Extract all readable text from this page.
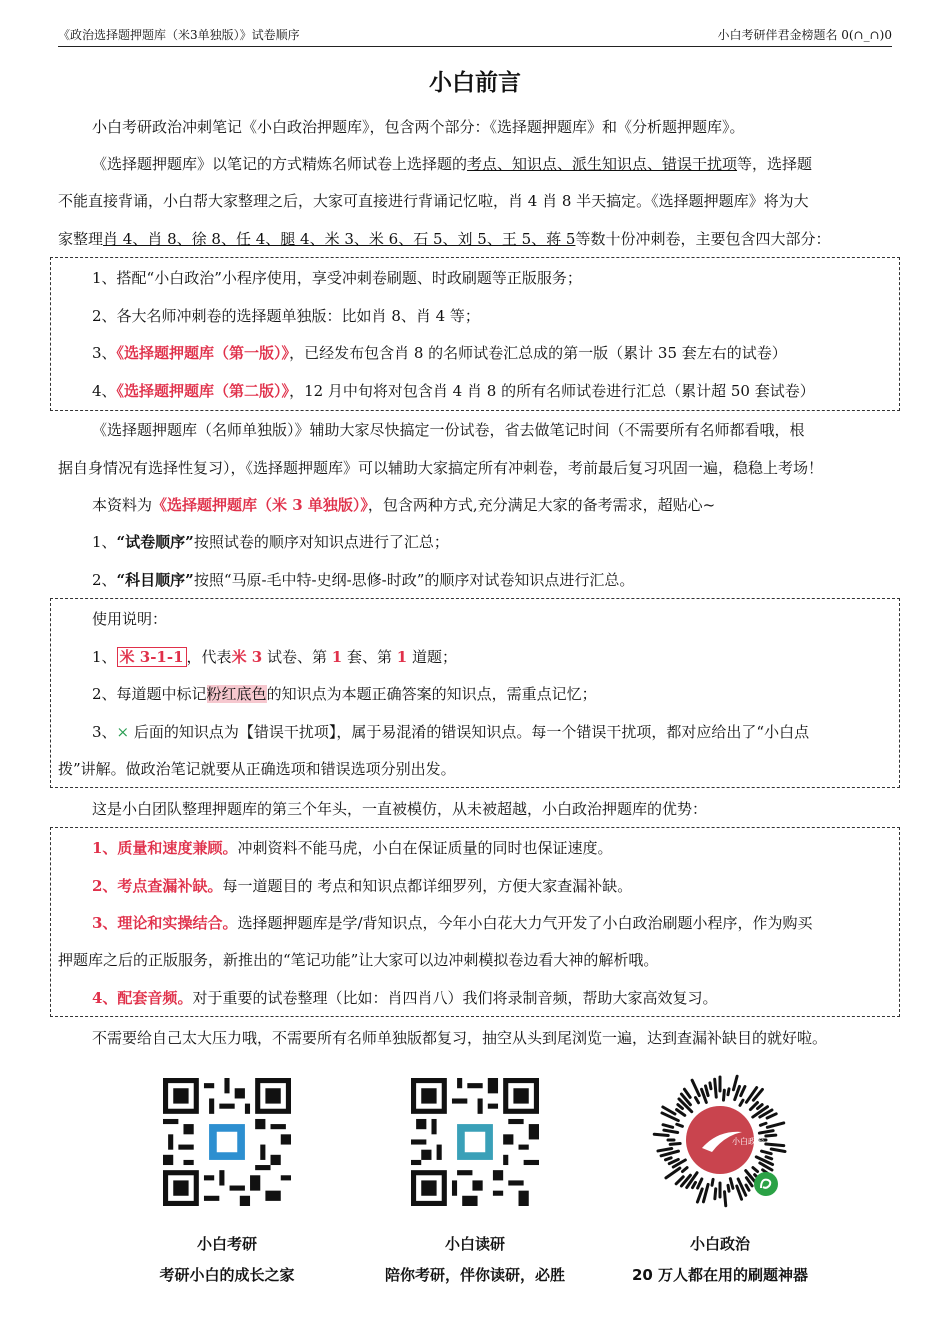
《政治选择题押题库（米3单独版）》试卷顺序	小白考研伴君金榜题名 0(∩_∩)0
小白前言
小白考研政治冲刺笔记《小白政治押题库》，包含两个部分：《选择题押题库》和《分析题押题库》。
《选择题押题库》以笔记的方式精炼名师试卷上选择题的考点、知识点、派生知识点、错误干扰项等，选择题
不能直接背诵，小白帮大家整理之后，大家可直接进行背诵记忆啦，肖 4 肖 8 半天搞定。《选择题押题库》将为大
家整理肖 4、肖 8、徐 8、任 4、腿 4、米 3、米 6、石 5、刘 5、王 5、蒋 5等数十份冲刺卷，主要包含四大部分：
1、搭配“小白政治”小程序使用，享受冲刺卷刷题、时政刷题等正版服务；
2、各大名师冲刺卷的选择题单独版：比如肖 8、肖 4 等；
3、《选择题押题库（第一版）》，已经发布包含肖 8 的名师试卷汇总成的第一版（累计 35 套左右的试卷）
4、《选择题押题库（第二版）》，12 月中旬将对包含肖 4 肖 8 的所有名师试卷进行汇总（累计超 50 套试卷）
《选择题押题库（名师单独版）》辅助大家尽快搞定一份试卷，省去做笔记时间（不需要所有名师都看哦，根
据自身情况有选择性复习），《选择题押题库》可以辅助大家搞定所有冲刺卷，考前最后复习巩固一遍，稳稳上考场！
本资料为《选择题押题库（米 3 单独版）》，包含两种方式,充分满足大家的备考需求，超贴心~
1、“试卷顺序”按照试卷的顺序对知识点进行了汇总；
2、“科目顺序”按照“马原-毛中特-史纲-思修-时政”的顺序对试卷知识点进行汇总。
使用说明：
1、 米 3-1-1 ，代表米 3 试卷、第 1 套、第 1 道题；
2、每道题中标记粉红底色的知识点为本题正确答案的知识点，需重点记忆；
3、× 后面的知识点为【错误干扰项】，属于易混淆的错误知识点。每一个错误干扰项，都对应给出了“小白点
拨”讲解。做政治笔记就要从正确选项和错误选项分别出发。
这是小白团队整理押题库的第三个年头，一直被模仿，从未被超越，小白政治押题库的优势：
1、质量和速度兼顾。冲刺资料不能马虎，小白在保证质量的同时也保证速度。
2、考点查漏补缺。每一道题目的 考点和知识点都详细罗列，方便大家查漏补缺。
3、理论和实操结合。选择题押题库是学/背知识点，今年小白花大力气开发了小白政治刷题小程序，作为购买
押题库之后的正版服务，新推出的“笔记功能”让大家可以边冲刺模拟卷边看大神的解析哦。
4、配套音频。对于重要的试卷整理（比如：肖四肖八）我们将录制音频，帮助大家高效复习。
不需要给自己太大压力哦，不需要所有名师单独版都复习，抽空从头到尾浏览一遍，达到查漏补缺目的就好啦。
小白政治
小白考研
考研小白的成长之家
小白读研
陪你考研，伴你读研，必胜
小白政治
20 万人都在用的刷题神器
